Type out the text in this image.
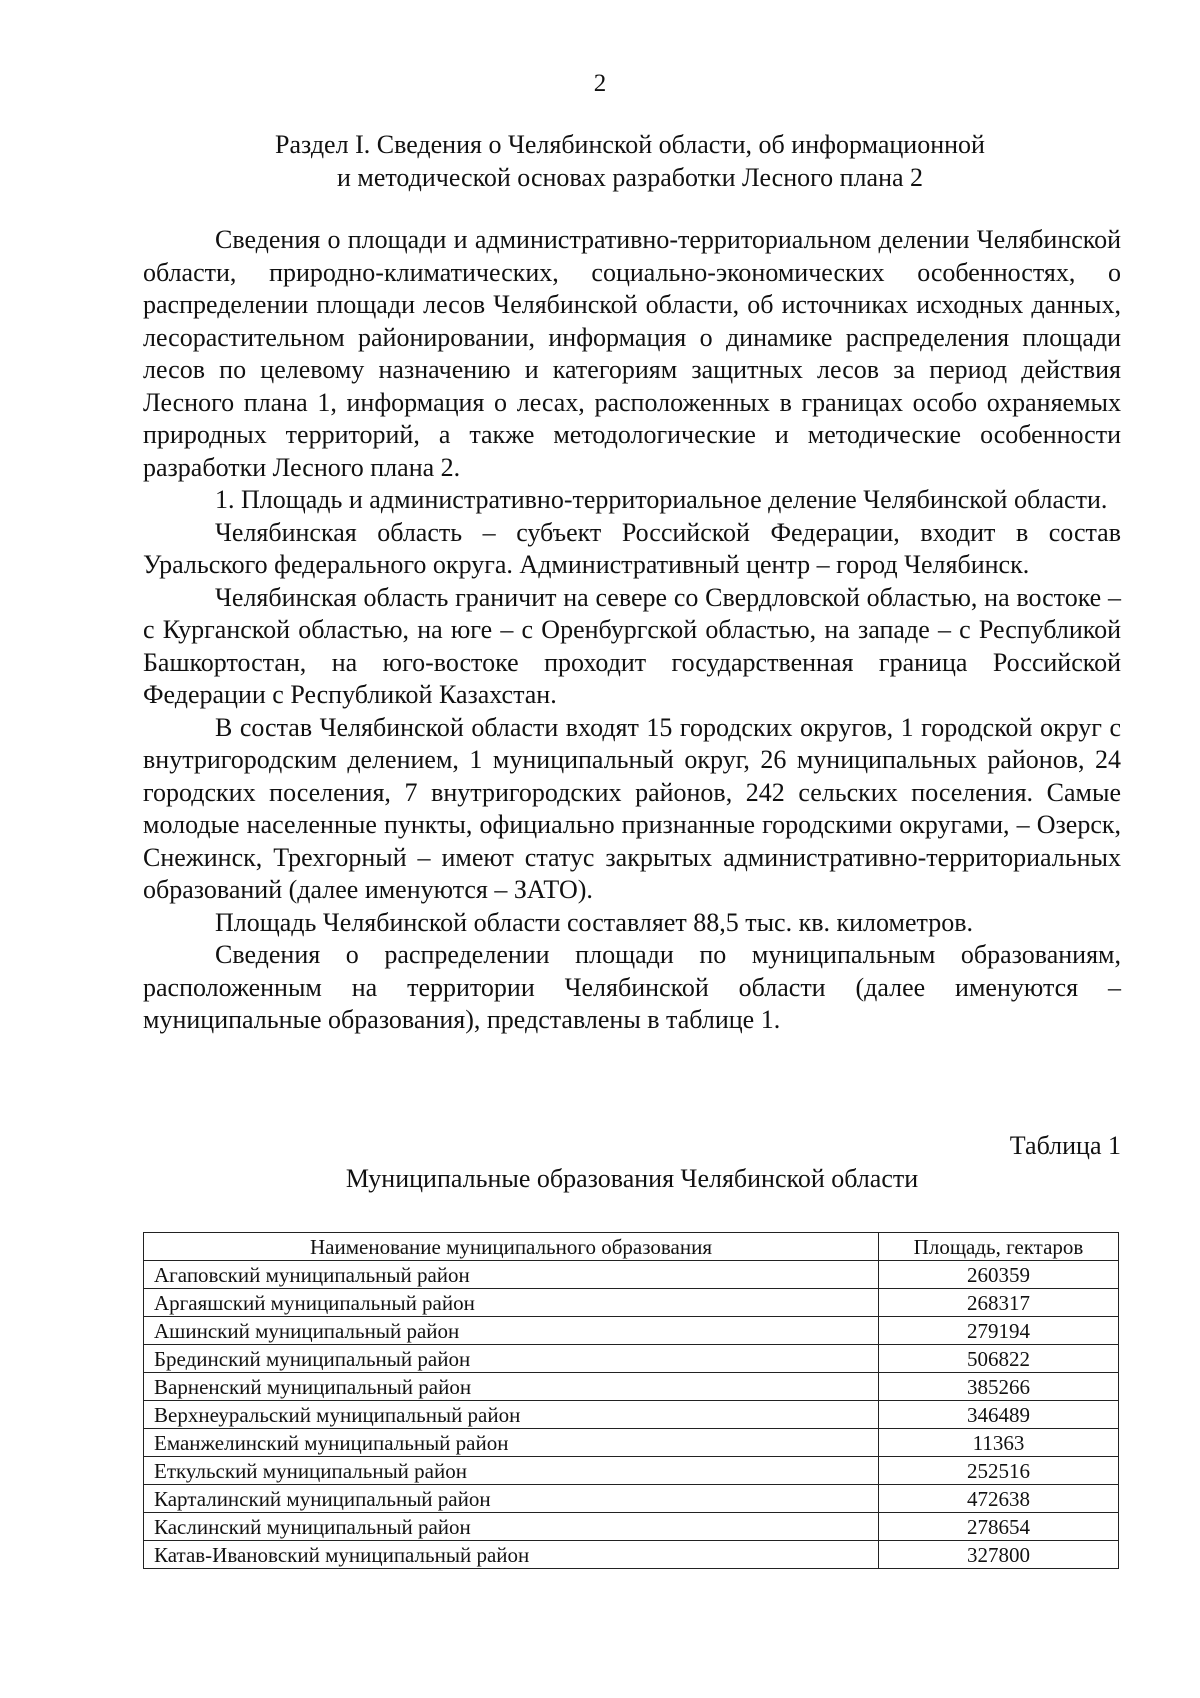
2
Раздел I. Сведения о Челябинской области, об информационной
и методической основах разработки Лесного плана 2

Сведения о площади и административно-территориальном делении Челябинской области, природно-климатических, социально-экономических особенностях, о распределении площади лесов Челябинской области, об источниках исходных данных, лесорастительном районировании, информация о динамике распределения площади лесов по целевому назначению и категориям защитных лесов за период действия Лесного плана 1, информация о лесах, расположенных в границах особо охраняемых природных территорий, а также методологические и методические особенности разработки Лесного плана 2.

1. Площадь и административно-территориальное деление Челябинской области.

Челябинская область – субъект Российской Федерации, входит в состав Уральского федерального округа. Административный центр – город Челябинск.

Челябинская область граничит на севере со Свердловской областью, на востоке – с Курганской областью, на юге – с Оренбургской областью, на западе – с Республикой Башкортостан, на юго-востоке проходит государственная граница Российской Федерации с Республикой Казахстан.

В состав Челябинской области входят 15 городских округов, 1 городской округ с внутригородским делением, 1 муниципальный округ, 26 муниципальных районов, 24 городских поселения, 7 внутригородских районов, 242 сельских поселения. Самые молодые населенные пункты, официально признанные городскими округами, – Озерск, Снежинск, Трехгорный – имеют статус закрытых административно-территориальных образований (далее именуются – ЗАТО).

Площадь Челябинской области составляет 88,5 тыс. кв. километров.

Сведения о распределении площади по муниципальным образованиям, расположенным на территории Челябинской области (далее именуются – муниципальные образования), представлены в таблице 1.

Таблица 1
Муниципальные образования Челябинской области
Наименование муниципального образования	Площадь, гектаров
Агаповский муниципальный район	260359
Аргаяшский муниципальный район	268317
Ашинский муниципальный район	279194
Брединский муниципальный район	506822
Варненский муниципальный район	385266
Верхнеуральский муниципальный район	346489
Еманжелинский муниципальный район	11363
Еткульский муниципальный район	252516
Карталинский муниципальный район	472638
Каслинский муниципальный район	278654
Катав-Ивановский муниципальный район	327800
